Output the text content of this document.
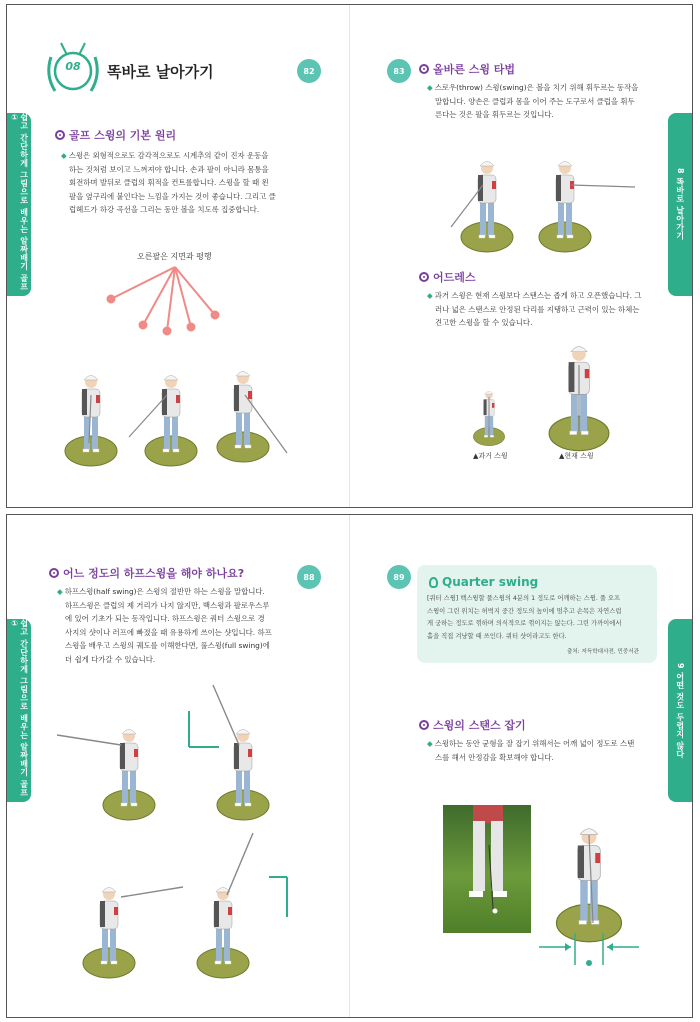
08	똑바로 날아가기	82
쉽고 간단하게 그림으로 배우는 알짜배기 골프 ①
골프 스윙의 기본 원리
◆ 스윙은 외형적으로도 감각적으로도 시계추의 같이 진자 운동을
하는 것처럼 보이고 느껴져야 합니다. 손과 팔이 아니라 몸통을
회전하며 발뒤로 클럽의 휘적을 컨트롤합니다. 스윙을 할 때 왼
팔을 옆구리에 붙인다는 느낌을 가지는 것이 좋습니다. 그리고 클
럽헤드가 하강 곡선을 그리는 동안 볼을 치도록 집중합니다.
오른팔은 지면과 평행
83
8 똑바로 날아가기
올바른 스윙 타법
◆ 스로우(throw) 스윙(swing)은 볼을 치기 위해 휘두르는 동작을
말합니다. 양손은 클럽과 몸을 이어 주는 도구로서 클럽을 휘두
른다는 것은 팔을 휘두르는 것입니다.
어드레스
◆ 과거 스윙은 현재 스윙보다 스탠스는 좁게 하고 오픈했습니다. 그
러나 넓은 스탠스로 안정된 다리를 지탱하고 근력이 있는 하체는
견고한 스윙을 할 수 있습니다.
▲과거 스윙	▲현재 스윙
88
쉽고 간단하게 그림으로 배우는 알짜배기 골프 ①
어느 정도의 하프스윙을 해야 하나요?
◆ 하프스윙(half swing)은 스윙의 절반만 하는 스윙을 말합니다.
하프스윙은 클럽의 제 거리가 나지 않지만, 백스윙과 팔로우스루
에 있어 기초가 되는 동작입니다. 하프스윙은 쿼터 스윙으로 경
사지의 샷이나 러프에 빠졌을 때 유용하게 쓰이는 샷입니다. 하프
스윙을 배우고 스윙의 궤도를 이해한다면, 풀스윙(full swing)에
더 쉽게 다가갈 수 있습니다.
89
9 어떤 것도 두렵지 않다
Quarter swing
[쿼터 스윙] 백스윙할 풀스윙의 4분의 1 정도로 어깨하는 스윙. 풀 오프
스윙이 그린 위치는 허벅지 중간 정도의 높이에 멈추고 손목은 자연스럽
게 궁하는 정도로 꺾하며 의식적으로 꺾이지는 않는다. 그린 가까이에서
홀을 직접 겨냥할 때 쓰인다. 쿼터 샷이라고도 한다.
출처: 저득학대사전, 민중서관
스윙의 스탠스 잡기
◆ 스윙하는 동안 균형을 잘 잡기 위해서는 어깨 넓이 정도로 스탠
스를 해서 안정감을 확보해야 합니다.
